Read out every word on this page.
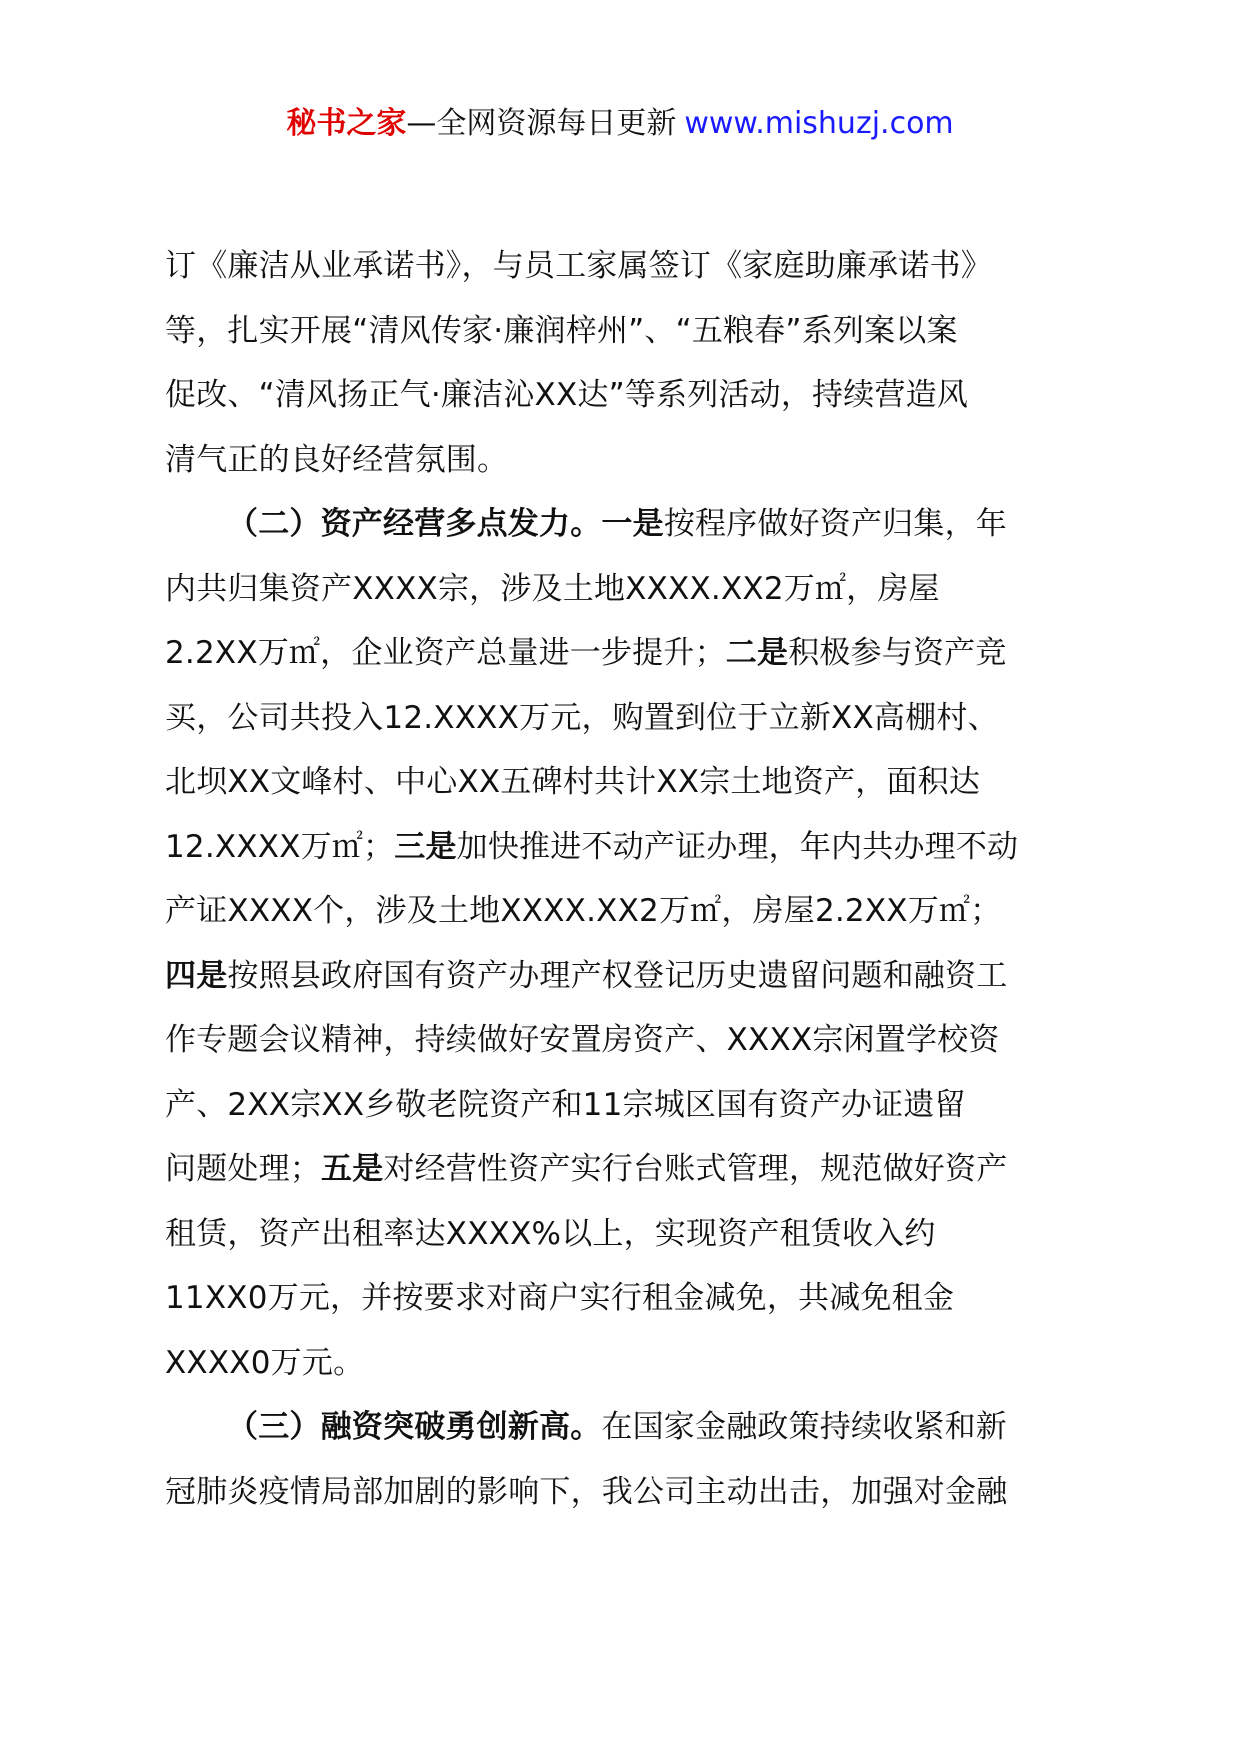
秘书之家—全网资源每日更新 www.mishuzj.com
订《廉洁从业承诺书》，与员工家属签订《家庭助廉承诺书》
等，扎实开展“清风传家·廉润梓州”、“五粮春”系列案以案
促改、“清风扬正气·廉洁沁XX达”等系列活动，持续营造风
清气正的良好经营氛围。
（二）资产经营多点发力。一是按程序做好资产归集，年
内共归集资产XXXX宗，涉及土地XXXX.XX2万㎡，房屋
2.2XX万㎡，企业资产总量进一步提升；二是积极参与资产竞
买，公司共投入12.XXXX万元，购置到位于立新XX高棚村、
北坝XX文峰村、中心XX五碑村共计XX宗土地资产，面积达
12.XXXX万㎡；三是加快推进不动产证办理，年内共办理不动
产证XXXX个，涉及土地XXXX.XX2万㎡，房屋2.2XX万㎡；
四是按照县政府国有资产办理产权登记历史遗留问题和融资工
作专题会议精神，持续做好安置房资产、XXXX宗闲置学校资
产、2XX宗XX乡敬老院资产和11宗城区国有资产办证遗留
问题处理；五是对经营性资产实行台账式管理，规范做好资产
租赁，资产出租率达XXXX%以上，实现资产租赁收入约
11XX0万元，并按要求对商户实行租金减免，共减免租金
XXXX0万元。
（三）融资突破勇创新高。在国家金融政策持续收紧和新
冠肺炎疫情局部加剧的影响下，我公司主动出击，加强对金融
